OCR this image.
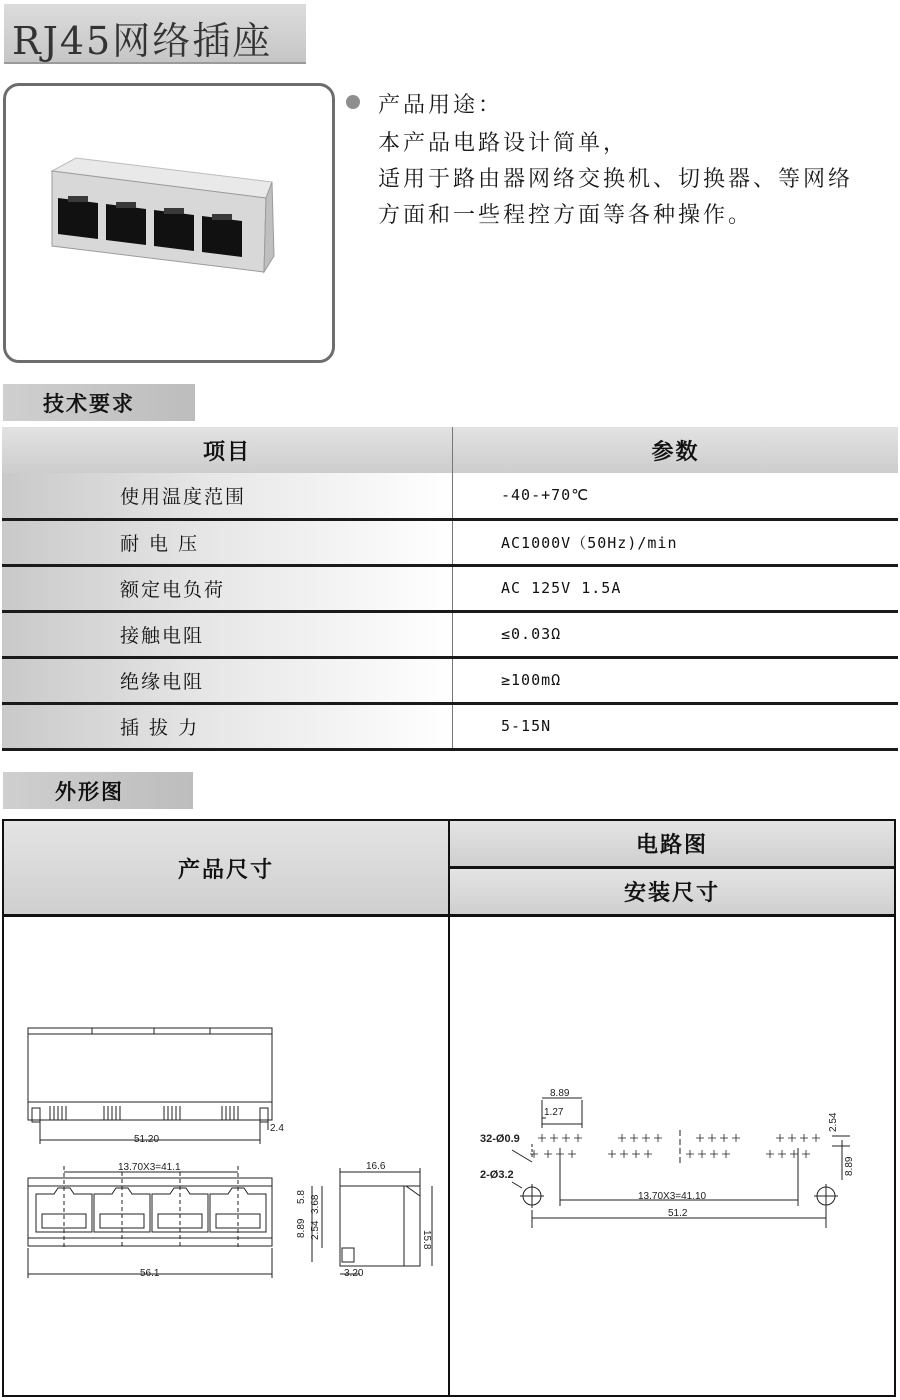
RJ45网络插座
产品用途：
本产品电路设计简单，
适用于路由器网络交换机、切换器、等网络
方面和一些程控方面等各种操作。
技术要求
项目	参数
使用温度范围	-40-+70℃
耐 电 压	AC1000V（50Hz)/min
额定电负荷	AC 125V 1.5A
接触电阻	≤0.03Ω
绝缘电阻	≥100mΩ
插 拔 力	5-15N
外形图
产品尺寸
电路图
安装尺寸
51.20
2.4
13.70X3=41.1
56.1
16.6
15.8
5.8 3.68
8.89 2.54
3.20
8.89
1.27
2.54
8.89
32-Ø0.9
2-Ø3.2
13.70X3=41.10
51.2
